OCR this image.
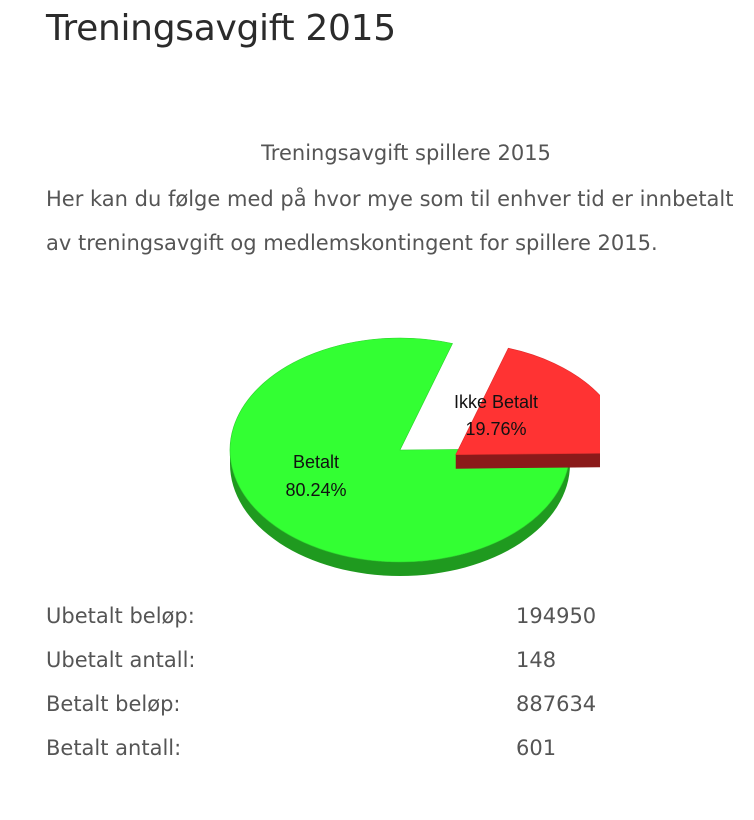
Treningsavgift 2015
Treningsavgift spillere 2015
Her kan du følge med på hvor mye som til enhver tid er innbetalt av treningsavgift og medlemskontingent for spillere 2015.
Betalt
80.24%
Ikke Betalt
19.76%
Ubetalt beløp:	194950
Ubetalt antall:	148
Betalt beløp:	887634
Betalt antall:	601
